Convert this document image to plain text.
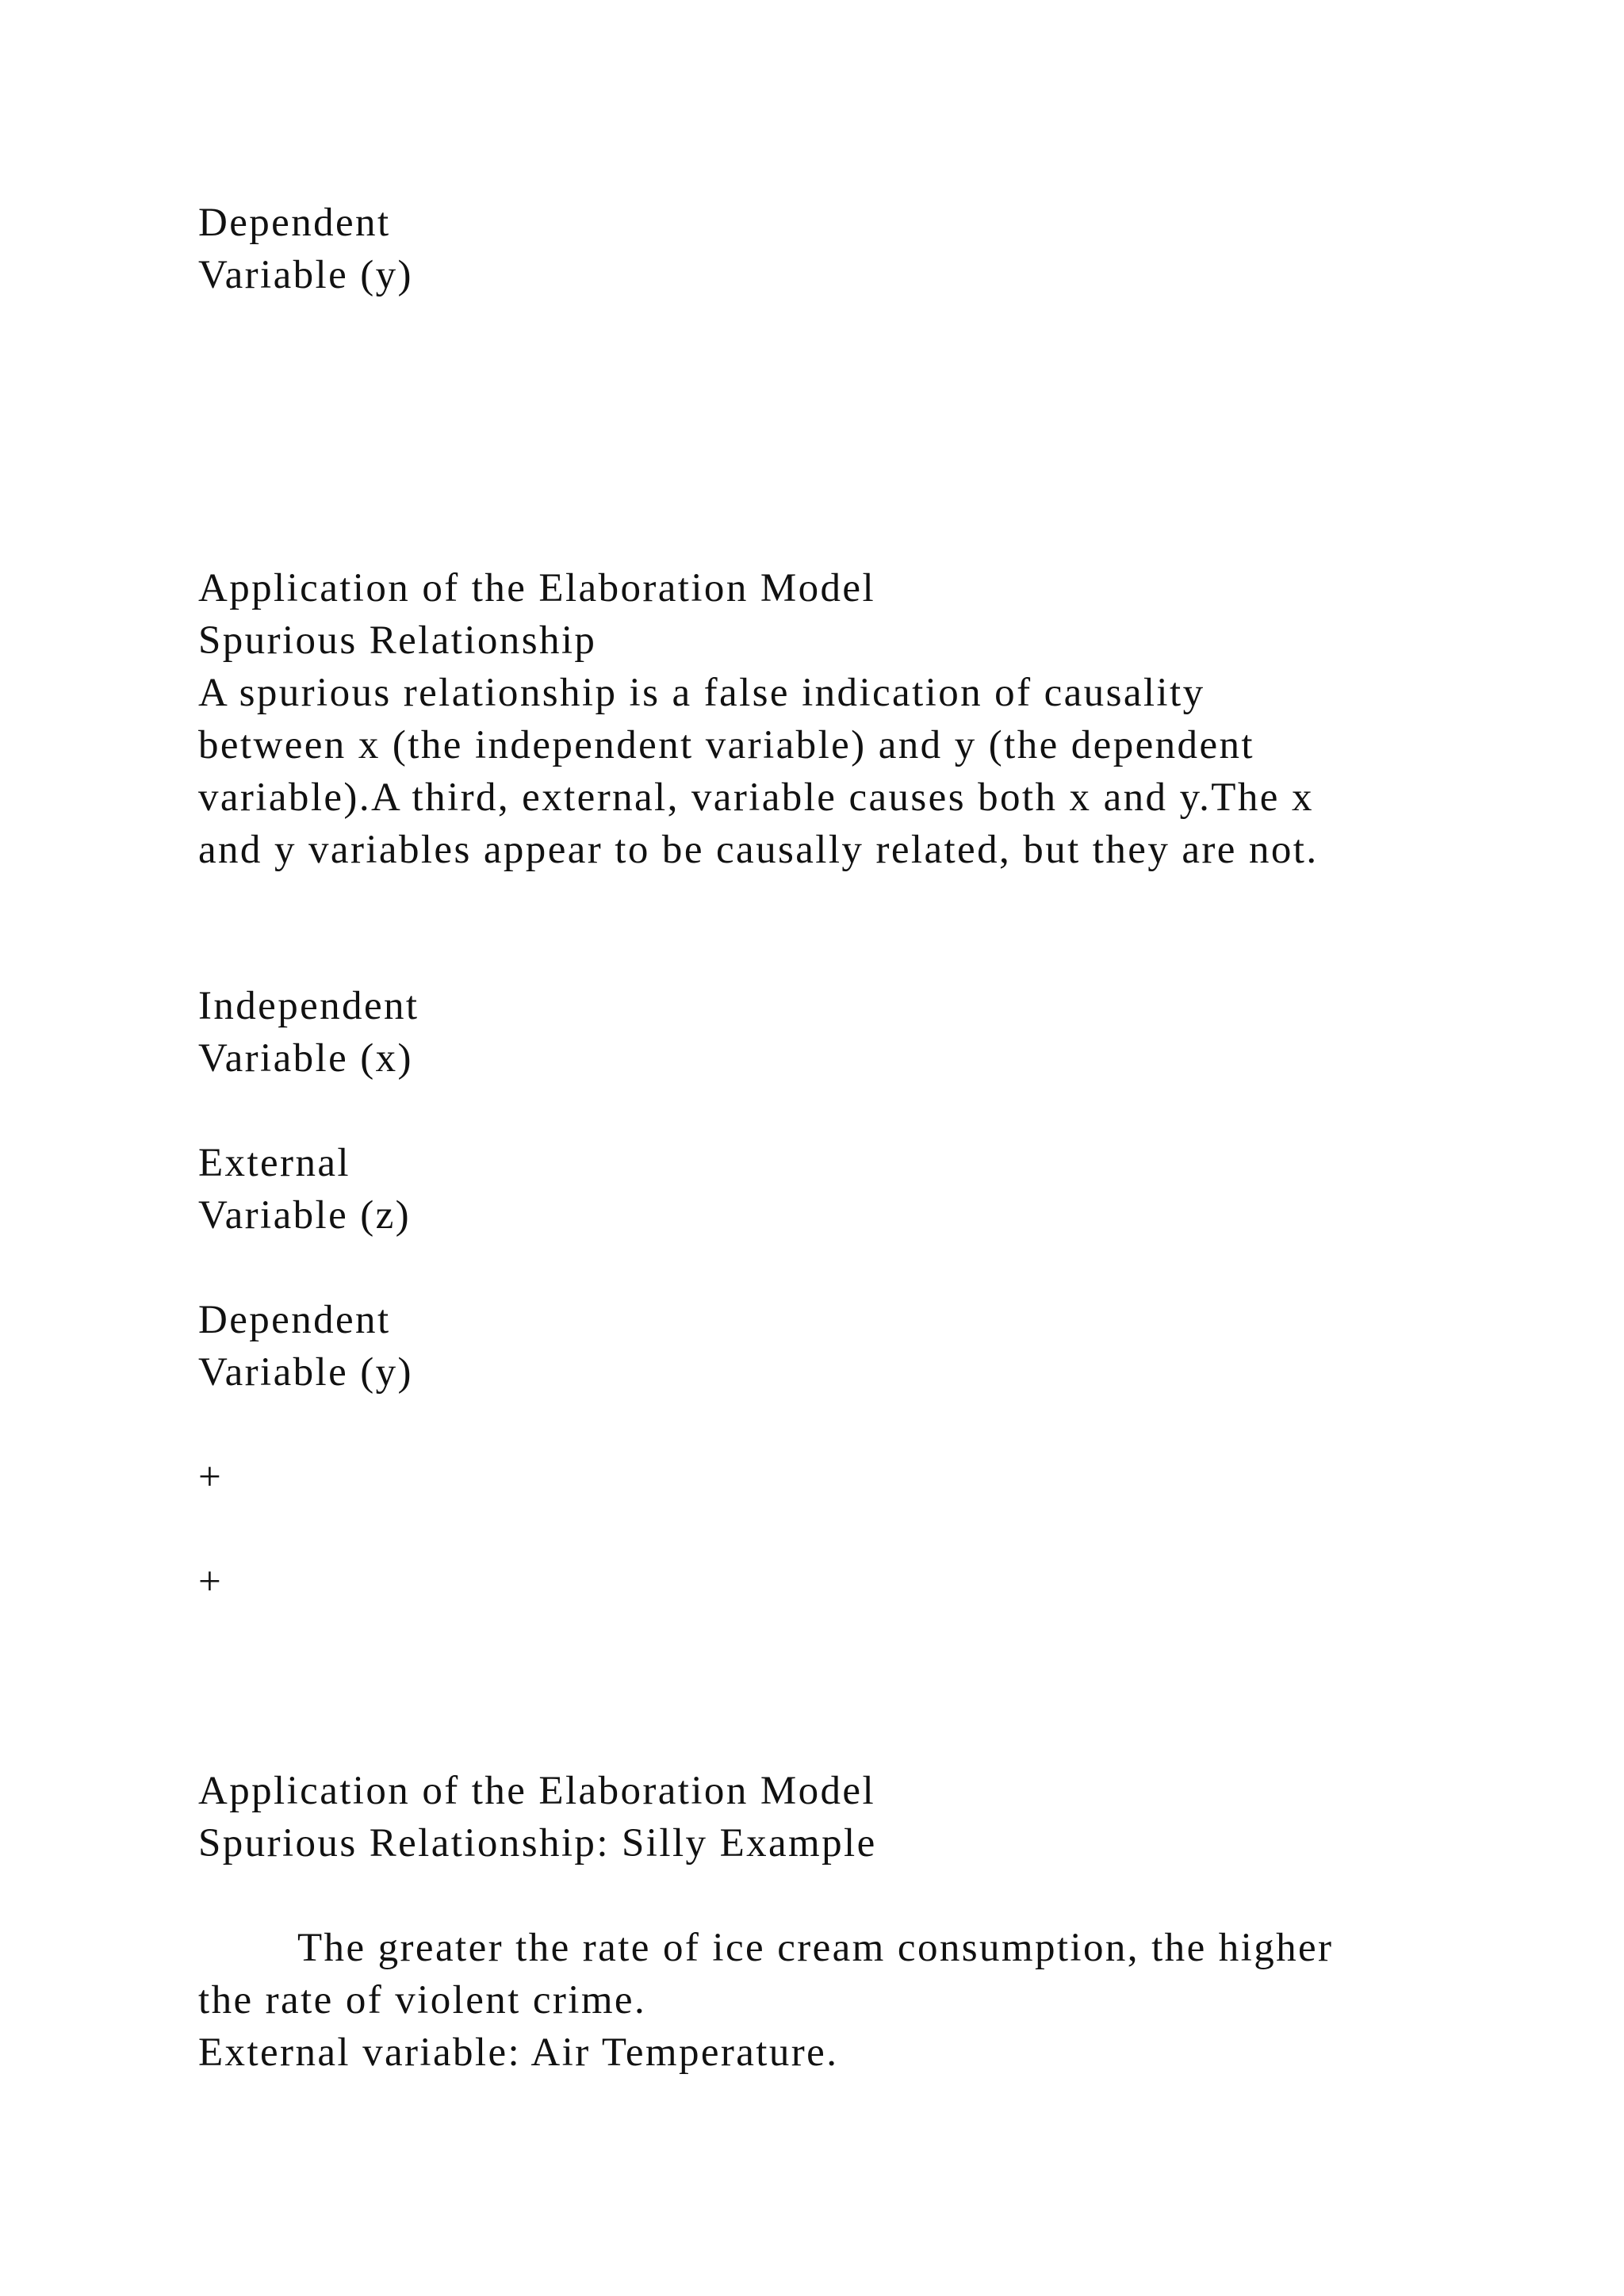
Dependent

Variable (y)

Application of the Elaboration Model

Spurious Relationship

A spurious relationship is a false indication of causality

between x (the independent variable) and y (the dependent

variable).A third, external, variable causes both x and y.The x

and y variables appear to be causally related, but they are not.

Independent

Variable (x)

External

Variable (z)

Dependent

Variable (y)

+

+

Application of the Elaboration Model

Spurious Relationship: Silly Example

The greater the rate of ice cream consumption, the higher

the rate of violent crime.

External variable: Air Temperature.
